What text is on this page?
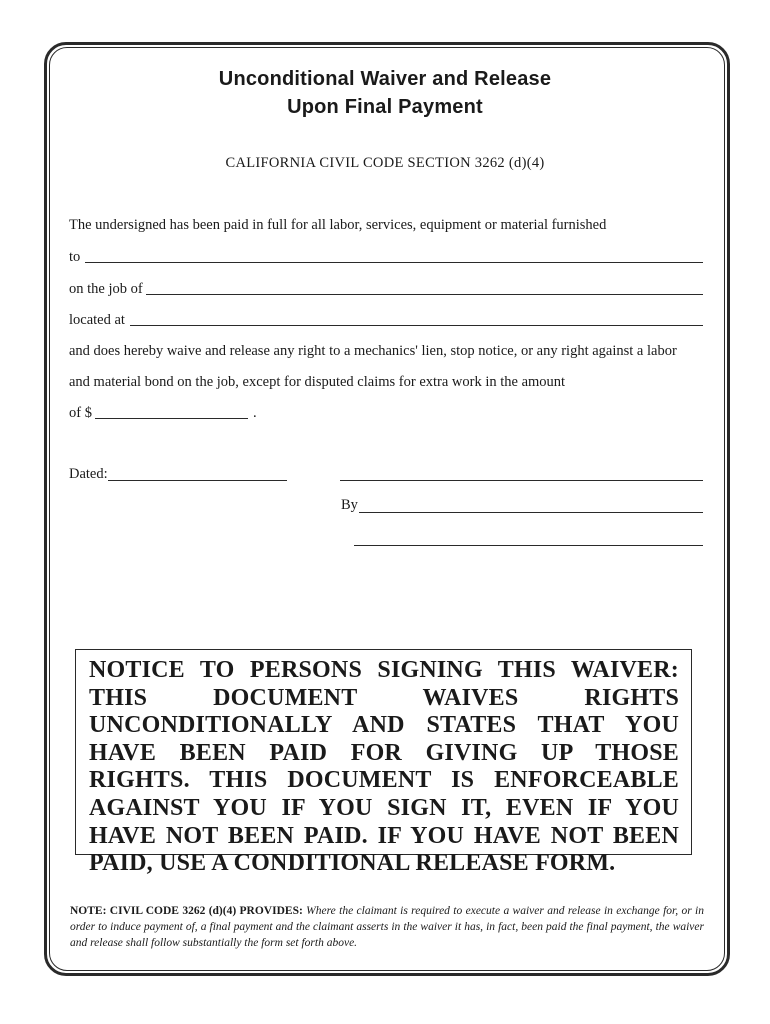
Unconditional Waiver and Release
Upon Final Payment
CALIFORNIA CIVIL CODE SECTION 3262 (d)(4)
The undersigned has been paid in full for all labor, services, equipment or material furnished
to
on the job of
located at
and does hereby waive and release any right to a mechanics' lien, stop notice, or any right against a labor
and material bond on the job, except for disputed claims for extra work in the amount
of $	.
Dated:
By
NOTICE TO PERSONS SIGNING THIS WAIVER: THIS DOCUMENT WAIVES RIGHTS UNCONDITIONALLY AND STATES THAT YOU HAVE BEEN PAID FOR GIVING UP THOSE RIGHTS. THIS DOCUMENT IS ENFORCEABLE AGAINST YOU IF YOU SIGN IT, EVEN IF YOU HAVE NOT BEEN PAID. IF YOU HAVE NOT BEEN PAID, USE A CONDITIONAL RELEASE FORM.
NOTE: CIVIL CODE 3262 (d)(4) PROVIDES: Where the claimant is required to execute a waiver and release in exchange for, or in order to induce payment of, a final payment and the claimant asserts in the waiver it has, in fact, been paid the final payment, the waiver and release shall follow substantially the form set forth above.
